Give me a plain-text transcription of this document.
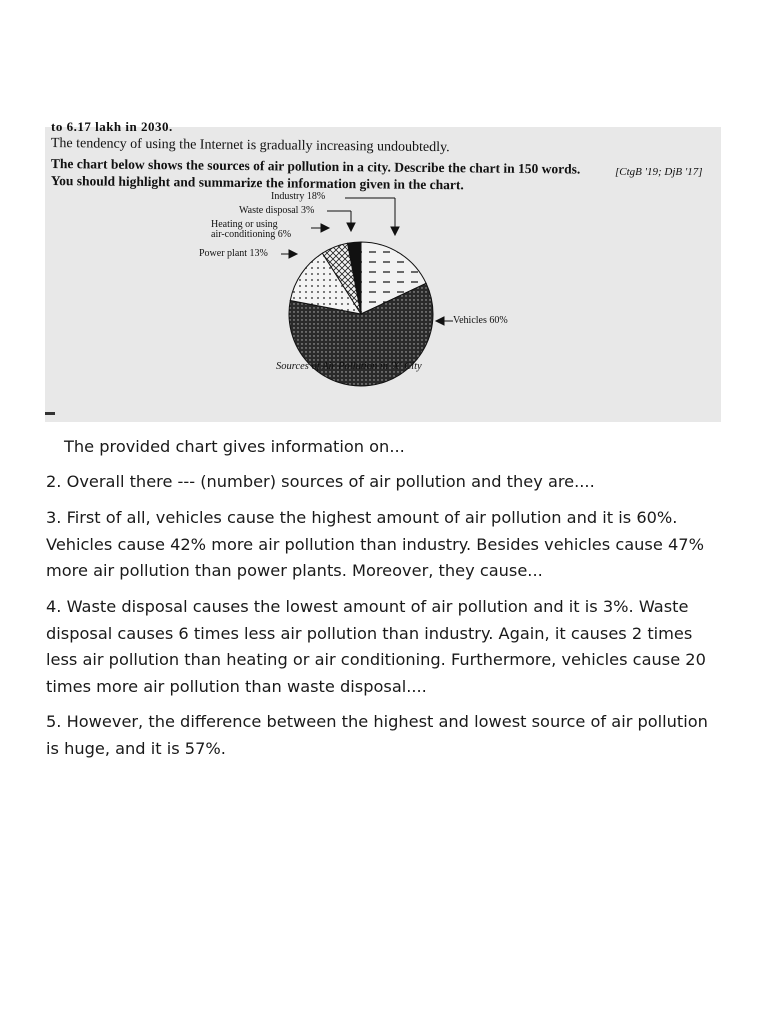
to 6.17 lakh in 2030.
The tendency of using the Internet is gradually increasing undoubtedly.
The chart below shows the sources of air pollution in a city. Describe the chart in 150 words.
You should highlight and summarize the information given in the chart.
[CtgB '19; DjB '17]
Industry 18%
Waste disposal 3%
Heating or using
air-conditioning 6%
Power plant 13%
Vehicles 60%
Sources of Air Pollution in 'X' City

The provided chart gives information on...

2. Overall there --- (number) sources of air pollution and they are....

3. First of all, vehicles cause the highest amount of air pollution and it is 60%. Vehicles cause 42% more air pollution than industry. Besides vehicles cause 47% more air pollution than power plants. Moreover, they cause...

4. Waste disposal causes the lowest amount of air pollution and it is 3%. Waste disposal causes 6 times less air pollution than industry. Again, it causes 2 times less air pollution than heating or air conditioning. Furthermore, vehicles cause 20 times more air pollution than waste disposal....

5. However, the difference between the highest and lowest source of air pollution is huge, and it is 57%.
